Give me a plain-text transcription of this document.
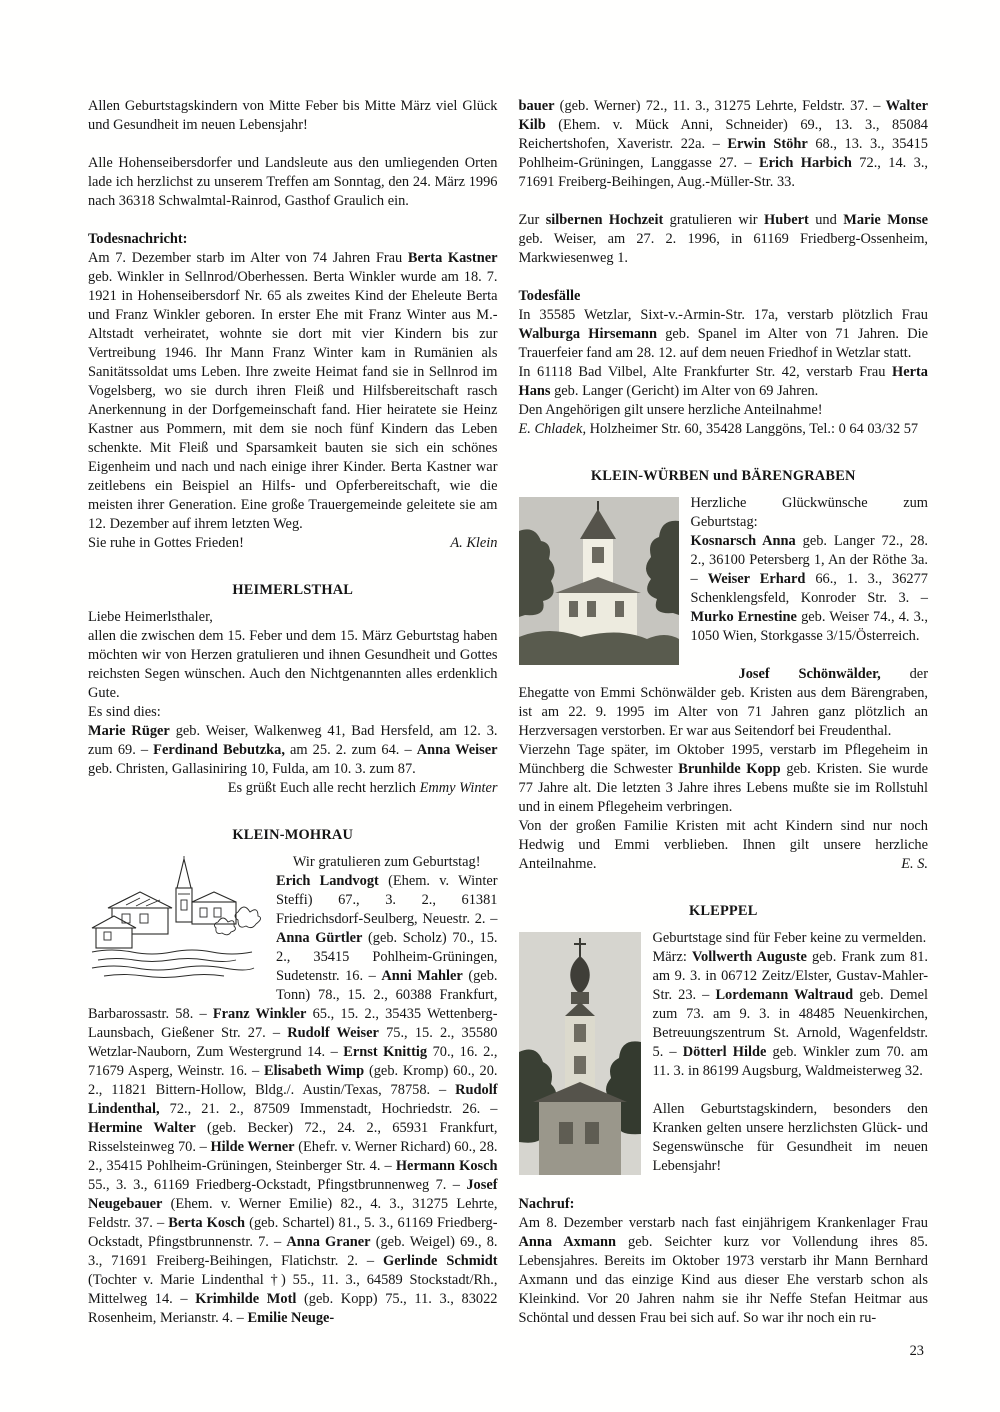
Allen Geburtstagskindern von Mitte Feber bis Mitte März viel Glück und Gesundheit im neuen Lebensjahr!

Alle Hohenseibersdorfer und Landsleute aus den umliegenden Orten lade ich herzlichst zu unserem Treffen am Sonntag, den 24. März 1996 nach 36318 Schwalmtal-Rainrod, Gasthof Graulich ein.

Todesnachricht:

Am 7. Dezember starb im Alter von 74 Jahren Frau Berta Kastner geb. Winkler in Sellnrod/Oberhessen. Berta Winkler wurde am 18. 7. 1921 in Hohenseibersdorf Nr. 65 als zweites Kind der Eheleute Berta und Franz Winkler geboren. In erster Ehe mit Franz Winter aus M.-Altstadt verheiratet, wohnte sie dort mit vier Kindern bis zur Vertreibung 1946. Ihr Mann Franz Winter kam in Rumänien als Sanitätssoldat ums Leben. Ihre zweite Heimat fand sie in Sellnrod im Vogelsberg, wo sie durch ihren Fleiß und Hilfsbereitschaft rasch Anerkennung in der Dorfgemeinschaft fand. Hier heiratete sie Heinz Kastner aus Pommern, mit dem sie noch fünf Kindern das Leben schenkte. Mit Fleiß und Sparsamkeit bauten sie sich ein schönes Eigenheim und nach und nach einige ihrer Kinder. Berta Kastner war zeitlebens ein Beispiel an Hilfs- und Opferbereitschaft, wie die meisten ihrer Generation. Eine große Trauergemeinde geleitete sie am 12. Dezember auf ihrem letzten Weg.

Sie ruhe in Gottes Frieden!	A. Klein
HEIMERLSTHAL

Liebe Heimerlsthaler,

allen die zwischen dem 15. Feber und dem 15. März Geburtstag haben möchten wir von Herzen gratulieren und ihnen Gesundheit und Gottes reichsten Segen wünschen. Auch den Nichtgenannten alles erdenklich Gute.

Es sind dies:

Marie Rüger geb. Weiser, Walkenweg 41, Bad Hersfeld, am 12. 3. zum 69. – Ferdinand Bebutzka, am 25. 2. zum 64. – Anna Weiser geb. Christen, Gallasiniring 10, Fulda, am 10. 3. zum 87.

Es grüßt Euch alle recht herzlich Emmy Winter

KLEIN-MOHRAU

Wir gratulieren zum Geburtstag!

Erich Landvogt (Ehem. v. Winter Steffi) 67., 3. 2., 61381 Friedrichsdorf-Seulberg, Neuestr. 2. – Anna Gürtler (geb. Scholz) 70., 15. 2., 35415 Pohlheim-Grüningen, Sudetenstr. 16. – Anni Mahler (geb. Tonn) 78., 15. 2., 60388 Frankfurt, Barbarossastr. 58. – Franz Winkler 65., 15. 2., 35435 Wettenberg-Launsbach, Gießener Str. 27. – Rudolf Weiser 75., 15. 2., 35580 Wetzlar-Nauborn, Zum Westergrund 14. – Ernst Knittig 70., 16. 2., 71679 Asperg, Weinstr. 16. – Elisabeth Wimp (geb. Kromp) 60., 20. 2., 11821 Bittern-Hollow, Bldg./. Austin/Texas, 78758. – Rudolf Lindenthal, 72., 21. 2., 87509 Immenstadt, Hochriedstr. 26. – Hermine Walter (geb. Becker) 72., 24. 2., 65931 Frankfurt, Risselsteinweg 70. – Hilde Werner (Ehefr. v. Werner Richard) 60., 28. 2., 35415 Pohlheim-Grüningen, Steinberger Str. 4. – Hermann Kosch 55., 3. 3., 61169 Friedberg-Ockstadt, Pfingstbrunnenweg 7. – Josef Neugebauer (Ehem. v. Werner Emilie) 82., 4. 3., 31275 Lehrte, Feldstr. 37. – Berta Kosch (geb. Schartel) 81., 5. 3., 61169 Friedberg-Ockstadt, Pfingstbrunnenstr. 7. – Anna Graner (geb. Weigel) 69., 8. 3., 71691 Freiberg-Beihingen, Flatichstr. 2. – Gerlinde Schmidt (Tochter v. Marie Lindenthal †) 55., 11. 3., 64589 Stockstadt/Rh., Mittelweg 14. – Krimhilde Motl (geb. Kopp) 75., 11. 3., 83022 Rosenheim, Merianstr. 4. – Emilie Neuge-

bauer (geb. Werner) 72., 11. 3., 31275 Lehrte, Feldstr. 37. – Walter Kilb (Ehem. v. Mück Anni, Schneider) 69., 13. 3., 85084 Reichertshofen, Xaveristr. 22a. – Erwin Stöhr 68., 13. 3., 35415 Pohlheim-Grüningen, Langgasse 27. – Erich Harbich 72., 14. 3., 71691 Freiberg-Beihingen, Aug.-Müller-Str. 33.

Zur silbernen Hochzeit gratulieren wir Hubert und Marie Monse geb. Weiser, am 27. 2. 1996, in 61169 Friedberg-Ossenheim, Markwiesenweg 1.

Todesfälle

In 35585 Wetzlar, Sixt-v.-Armin-Str. 17a, verstarb plötzlich Frau Walburga Hirsemann geb. Spanel im Alter von 71 Jahren. Die Trauerfeier fand am 28. 12. auf dem neuen Friedhof in Wetzlar statt.

In 61118 Bad Vilbel, Alte Frankfurter Str. 42, verstarb Frau Herta Hans geb. Langer (Gericht) im Alter von 69 Jahren.

Den Angehörigen gilt unsere herzliche Anteilnahme!

E. Chladek, Holzheimer Str. 60, 35428 Langgöns, Tel.: 0 64 03/32 57

KLEIN-WÜRBEN und BÄRENGRABEN

Herzliche Glückwünsche zum Geburtstag:

Kosnarsch Anna geb. Langer 72., 28. 2., 36100 Petersberg 1, An der Röthe 3a. – Weiser Erhard 66., 1. 3., 36277 Schenklengsfeld, Konroder Str. 3. – Murko Ernestine geb. Weiser 74., 4. 3., 1050 Wien, Storkgasse 3/15/Österreich.

Josef Schönwälder, der Ehegatte von Emmi Schönwälder geb. Kristen aus dem Bärengraben, ist am 22. 9. 1995 im Alter von 71 Jahren ganz plötzlich an Herzversagen verstorben. Er war aus Seitendorf bei Freudenthal.

Vierzehn Tage später, im Oktober 1995, verstarb im Pflegeheim in Münchberg die Schwester Brunhilde Kopp geb. Kristen. Sie wurde 77 Jahre alt. Die letzten 3 Jahre ihres Lebens mußte sie im Rollstuhl und in einem Pflegeheim verbringen.

Von der großen Familie Kristen mit acht Kindern sind nur noch Hedwig und Emmi verblieben. Ihnen gilt unsere herzliche Anteilnahme.	E. S.
KLEPPEL

Geburtstage sind für Feber keine zu vermelden.

März: Vollwerth Auguste geb. Frank zum 81. am 9. 3. in 06712 Zeitz/Elster, Gustav-Mahler-Str. 23. – Lordemann Waltraud geb. Demel zum 73. am 9. 3. in 48485 Neuenkirchen, Betreuungszentrum St. Arnold, Wagenfeldstr. 5. – Dötterl Hilde geb. Winkler zum 70. am 11. 3. in 86199 Augsburg, Waldmeisterweg 32.

Allen Geburtstagskindern, besonders den Kranken gelten unsere herzlichsten Glück- und Segenswünsche für Gesundheit im neuen Lebensjahr!

Nachruf:

Am 8. Dezember verstarb nach fast einjährigem Krankenlager Frau Anna Axmann geb. Seichter kurz vor Vollendung ihres 85. Lebensjahres. Bereits im Oktober 1973 verstarb ihr Mann Bernhard Axmann und das einzige Kind aus dieser Ehe verstarb schon als Kleinkind. Vor 20 Jahren nahm sie ihr Neffe Stefan Heitmar aus Schöntal und dessen Frau bei sich auf. So war ihr noch ein ru-

23
